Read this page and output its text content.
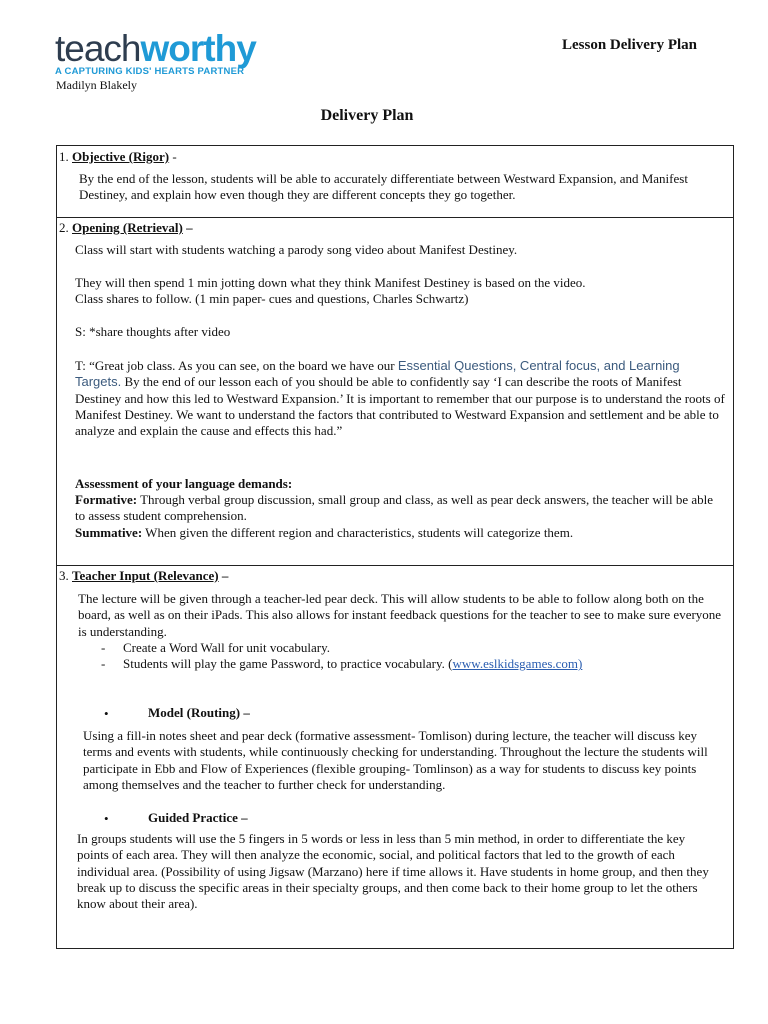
teachworthy
A CAPTURING KIDS' HEARTS PARTNER
Madilyn Blakely
Lesson Delivery Plan
Delivery Plan
1. Objective (Rigor) -

By the end of the lesson, students will be able to accurately differentiate between Westward Expansion, and Manifest Destiney, and explain how even though they are different concepts they go together.

2. Opening (Retrieval) –

Class will start with students watching a parody song video about Manifest Destiney.

They will then spend 1 min jotting down what they think Manifest Destiney is based on the video.

Class shares to follow. (1 min paper- cues and questions, Charles Schwartz)

S: *share thoughts after video

T: “Great job class. As you can see, on the board we have our Essential Questions, Central focus, and Learning Targets. By the end of our lesson each of you should be able to confidently say ‘I can describe the roots of Manifest Destiney and how this led to Westward Expansion.’ It is important to remember that our purpose is to understand the roots of Manifest Destiney. We want to understand the factors that contributed to Westward Expansion and settlement and be able to analyze and explain the cause and effects this had.”

Assessment of your language demands:

Formative: Through verbal group discussion, small group and class, as well as pear deck answers, the teacher will be able to assess student comprehension.

Summative: When given the different region and characteristics, students will categorize them.

3. Teacher Input (Relevance) –

The lecture will be given through a teacher-led pear deck. This will allow students to be able to follow along both on the board, as well as on their iPads. This also allows for instant feedback questions for the teacher to see to make sure everyone is understanding.

- Create a Word Wall for unit vocabulary.
- Students will play the game Password, to practice vocabulary. (www.eslkidsgames.com)
•	Model (Routing) –

Using a fill-in notes sheet and pear deck (formative assessment- Tomlison) during lecture, the teacher will discuss key terms and events with students, while continuously checking for understanding. Throughout the lecture the students will participate in Ebb and Flow of Experiences (flexible grouping- Tomlinson) as a way for students to discuss key points among themselves and the teacher to further check for understanding.

•	Guided Practice –

In groups students will use the 5 fingers in 5 words or less in less than 5 min method, in order to differentiate the key points of each area. They will then analyze the economic, social, and political factors that led to the growth of each individual area. (Possibility of using Jigsaw (Marzano) here if time allows it. Have students in home group, and then they break up to discuss the specific areas in their specialty groups, and then come back to their home group to let the others know about their area).
